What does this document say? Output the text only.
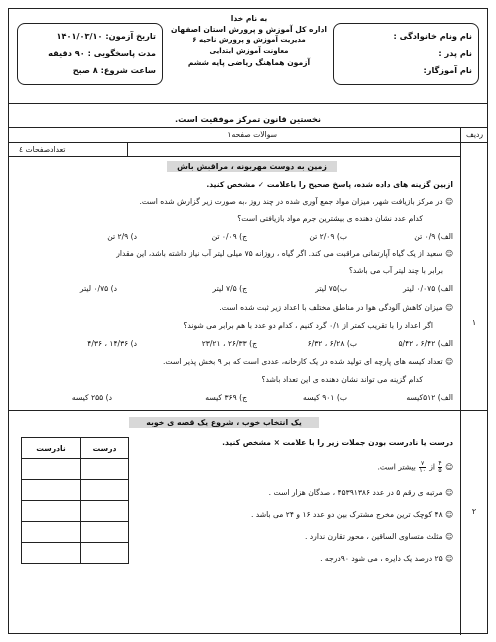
نام ونام خانوادگی :
نام پدر :
نام آموزگار:
به نام خدا
اداره کل آموزش و پرورش استان اصفهان
مدیریت آموزش و پرورش ناحیه ۶
معاونت آموزش ابتدایی
آزمون هماهنگ ریاضی پایه ششم
تاریخ آزمون: ۱۴۰۱/۰۳/۱۰
مدت پاسخگویی : ۹۰ دقیقه
ساعت شروع: ۸ صبح
نخستین قانون تمرکز موفقیت است.
ردیف
سوالات صفحه۱
تعدادصفحات ٤
زمین به دوست مهربونه ، مراقبش باش
ازبین گزینه های داده شده، پاسخ صحیح را باعلامت ✓ مشخص کنید.
☺ در مرکز بازیافت شهر، میزان مواد جمع آوری شده در چند روز ،به صورت زیر گزارش شده است.
کدام عدد نشان دهنده ی بیشترین جرم مواد بازیافتی است؟
الف) ۰/۹ تن
ب) ۲/۰۹ تن
ج) ۰/۰۹ تن
د) ۲/۹ تن
☺ سعید از یک گیاه آپارتمانی مراقبت می کند. اگر گیاه ، روزانه ۷۵ میلی لیتر آب نیاز داشته باشد، این مقدار
برابر با چند لیتر آب می باشد؟
الف) ۰/۰۷۵ لیتر
ب)۷۵ لیتر
ج) ۷/۵ لیتر
د) ۰/۷۵ لیتر
۱
☺ میزان کاهش آلودگی هوا در مناطق مختلف با اعداد زیر ثبت شده است.
اگر اعداد را با تقریب کمتر از ۰/۱ گرد کنیم ، کدام دو عدد با هم برابر می شوند؟
الف) ۶/۴۲ ، ۵/۴۲
ب) ۶/۲۸ ، ۶/۳۲
ج) ۲۶/۳۳ ، ۲۳/۲۱
د) ۱۴/۳۶ ، ۴/۳۶
☺ تعداد کیسه های پارچه ای تولید شده در یک کارخانه، عددی است که بر ۹ بخش پذیر است.
کدام گزینه می تواند نشان دهنده ی این تعداد باشد؟
الف) ۵۱۲کیسه
ب) ۹۰۱ کیسه
ج) ۳۶۹ کیسه
د) ۲۵۵ کیسه
یک انتخاب خوب ، شروع یک قصه ی خوبه
درست یا نادرست بودن جملات زیر را با علامت × مشخص کنید.
درست	نادرست

☺
$\frac{۴}{۵}$ از
$\frac{۷}{۱۰}$ بیشتر است.
☺ مرتبه ی رقم ۵ در عدد ۴۵۳۹۱۳۸۶ ، صدگان هزار است .
۲
☺ ۴۸ کوچک ترین مخرج مشترک بین دو عدد ۱۶ و ۲۴ می باشد .
☺ مثلث متساوی الساقین ، محور تقارن ندارد .
☺ ۲۵ درصد یک دایره ، می شود ۹۰درجه .
